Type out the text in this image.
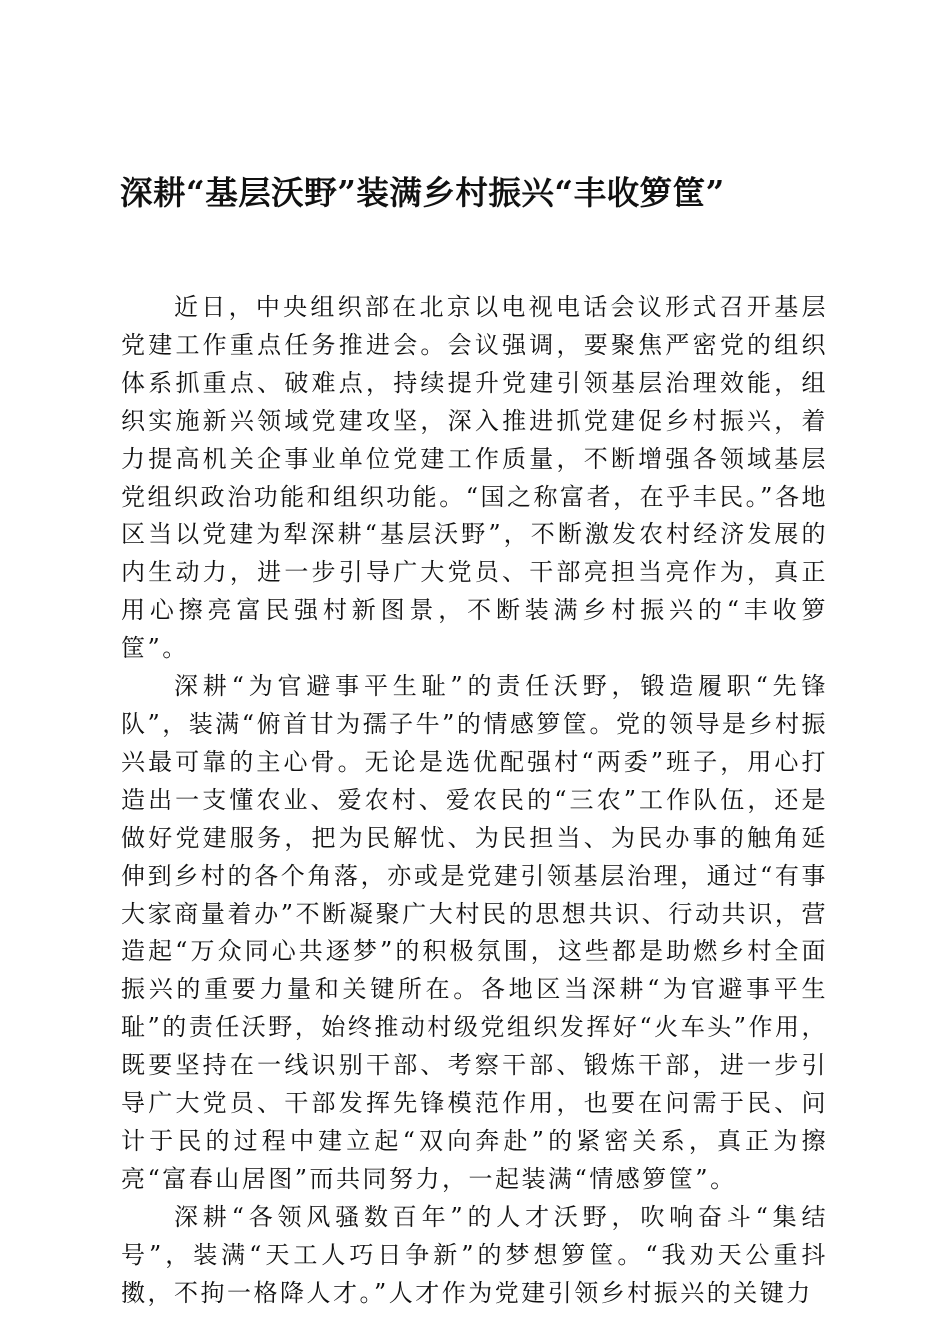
深耕“基层沃野”装满乡村振兴“丰收箩筐”

近日，中央组织部在北京以电视电话会议形式召开基层党建工作重点任务推进会。会议强调，要聚焦严密党的组织体系抓重点、破难点，持续提升党建引领基层治理效能，组织实施新兴领域党建攻坚，深入推进抓党建促乡村振兴，着力提高机关企事业单位党建工作质量，不断增强各领域基层党组织政治功能和组织功能。“国之称富者，在乎丰民。”各地区当以党建为犁深耕“基层沃野”，不断激发农村经济发展的内生动力，进一步引导广大党员、干部亮担当亮作为，真正用心擦亮富民强村新图景，不断装满乡村振兴的“丰收箩筐”。

深耕“为官避事平生耻”的责任沃野，锻造履职“先锋队”，装满“俯首甘为孺子牛”的情感箩筐。党的领导是乡村振兴最可靠的主心骨。无论是选优配强村“两委”班子，用心打造出一支懂农业、爱农村、爱农民的“三农”工作队伍，还是做好党建服务，把为民解忧、为民担当、为民办事的触角延伸到乡村的各个角落，亦或是党建引领基层治理，通过“有事大家商量着办”不断凝聚广大村民的思想共识、行动共识，营造起“万众同心共逐梦”的积极氛围，这些都是助燃乡村全面振兴的重要力量和关键所在。各地区当深耕“为官避事平生耻”的责任沃野，始终推动村级党组织发挥好“火车头”作用，既要坚持在一线识别干部、考察干部、锻炼干部，进一步引导广大党员、干部发挥先锋模范作用，也要在问需于民、问计于民的过程中建立起“双向奔赴”的紧密关系，真正为擦亮“富春山居图”而共同努力，一起装满“情感箩筐”。

深耕“各领风骚数百年”的人才沃野，吹响奋斗“集结号”，装满“天工人巧日争新”的梦想箩筐。“我劝天公重抖擞，不拘一格降人才。”人才作为党建引领乡村振兴的关键力
